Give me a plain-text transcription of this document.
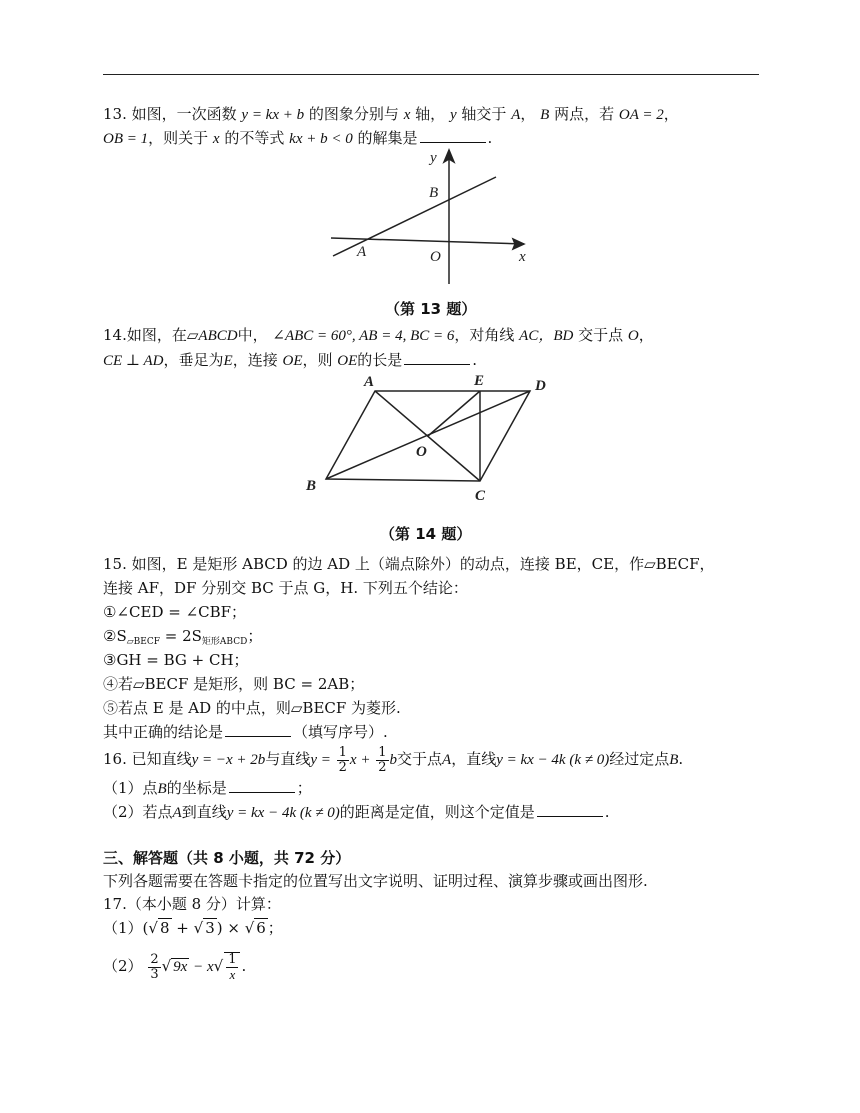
13. 如图，一次函数 y = kx + b 的图象分别与 x 轴， y 轴交于 A， B 两点，若 OA = 2，
OB = 1，则关于 x 的不等式 kx + b < 0 的解集是	.
y
x
B
A	O
（第 13 题）
14.如图，在▱ABCD中， ∠ABC = 60°, AB = 4, BC = 6，对角线 AC，BD 交于点 O，
CE ⊥ AD，垂足为E，连接 OE，则 OE的长是	.
A	E	D
O
B
C
（第 14 题）
15. 如图，E 是矩形 ABCD 的边 AD 上（端点除外）的动点，连接 BE，CE，作▱BECF，
连接 AF，DF 分别交 BC 于点 G，H. 下列五个结论：
①∠CED = ∠CBF；
$②S_{▱BECF} = 2S_{矩形ABCD}$；
③GH = BG + CH；
④若▱BECF 是矩形，则 BC = 2AB；
⑤若点 E 是 AD 的中点，则▱BECF 为菱形.
其中正确的结论是	（填写序号）.
16. 已知直线y = −x + 2b与直线$y = \frac{1}{2}$ $x + \frac{1}{2}$ b交于点A，直线y = kx − 4k (k ≠ 0)经过定点B.
（1）点B的坐标是	；
（2）若点A到直线y = kx − 4k (k ≠ 0)的距离是定值，则这个定值是	.
三、解答题（共 8 小题，共 72 分）
下列各题需要在答题卡指定的位置写出文字说明、证明过程、演算步骤或画出图形.
17.（本小题 8 分）计算：
（1）(√ 8 + √ 3 ) × √ 6 ；
$(2) \frac{2}{3}$ √ $9x - x√ \frac{1}{x}$ .
